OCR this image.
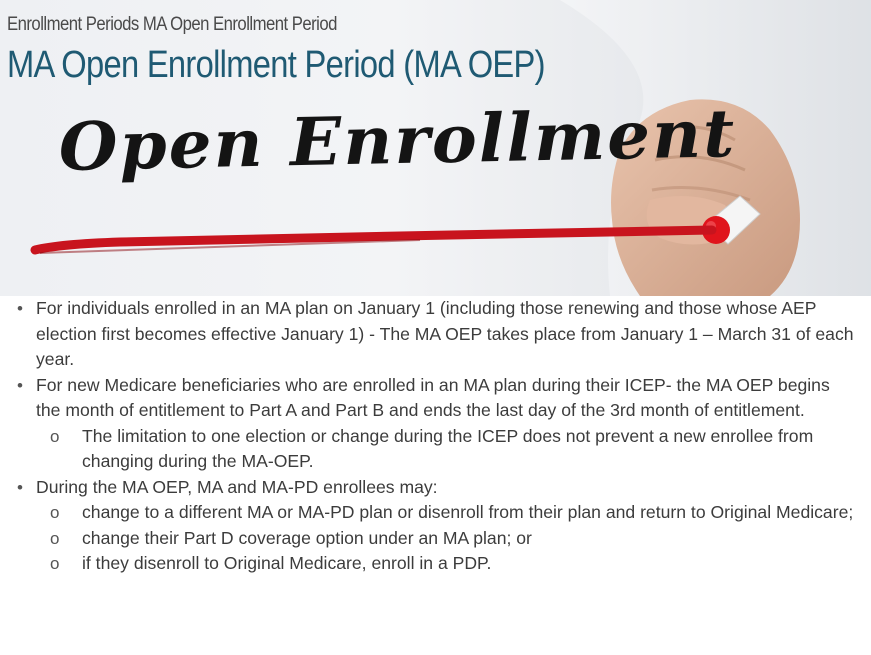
Enrollment Periods MA Open Enrollment Period
MA Open Enrollment Period (MA OEP)
Open Enrollment
• For individuals enrolled in an MA plan on January 1 (including those renewing and those whose AEP election first becomes effective January 1) - The MA OEP takes place from January 1 – March 31 of each year.
• For new Medicare beneficiaries who are enrolled in an MA plan during their ICEP- the MA OEP begins the month of entitlement to Part A and Part B and ends the last day of the 3rd month of entitlement.
o The limitation to one election or change during the ICEP does not prevent a new enrollee from changing during the MA-OEP.
• During the MA OEP, MA and MA-PD enrollees may:
o change to a different MA or MA-PD plan or disenroll from their plan and return to Original Medicare;
o change their Part D coverage option under an MA plan; or
o if they disenroll to Original Medicare, enroll in a PDP.
